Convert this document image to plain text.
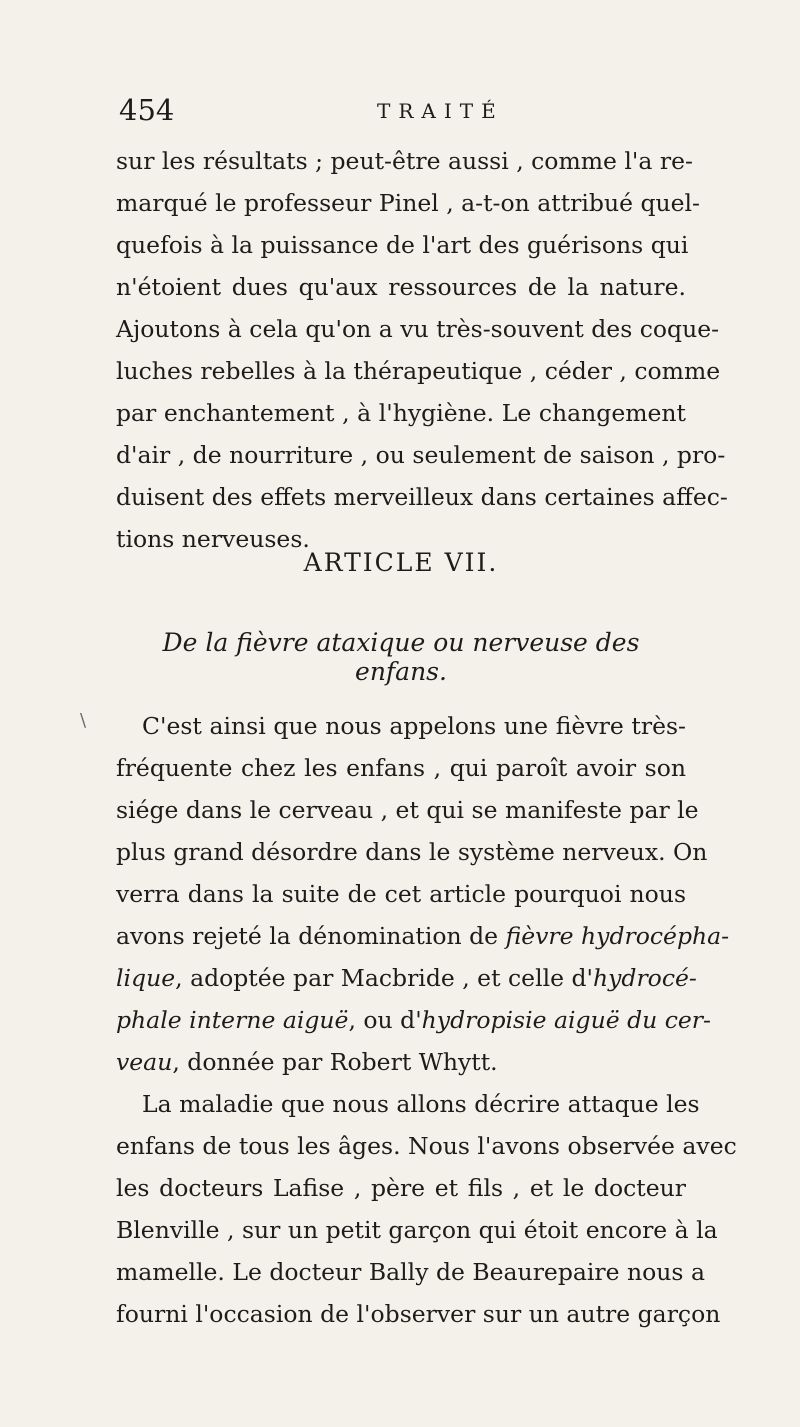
454	TRAITÉ
sur les résultats ; peut-être aussi , comme l'a re-
marqué le professeur Pinel , a-t-on attribué quel-
quefois à la puissance de l'art des guérisons qui
n'étoient dues qu'aux ressources de la nature.
Ajoutons à cela qu'on a vu très-souvent des coque-
luches rebelles à la thérapeutique , céder , comme
par enchantement , à l'hygiène. Le changement
d'air , de nourriture , ou seulement de saison , pro-
duisent des effets merveilleux dans certaines affec-
tions nerveuses.
ARTICLE VII.
De la fièvre ataxique ou nerveuse des enfans.
\	C'est ainsi que nous appelons une fièvre très-
fréquente chez les enfans , qui paroît avoir son
siége dans le cerveau , et qui se manifeste par le
plus grand désordre dans le système nerveux. On
verra dans la suite de cet article pourquoi nous
avons rejeté la dénomination de fièvre hydrocépha-
lique, adoptée par Macbride , et celle d'hydrocé-
phale interne aiguë, ou d'hydropisie aiguë du cer-
veau, donnée par Robert Whytt.
La maladie que nous allons décrire attaque les
enfans de tous les âges. Nous l'avons observée avec
les docteurs Lafise , père et fils , et le docteur
Blenville , sur un petit garçon qui étoit encore à la
mamelle. Le docteur Bally de Beaurepaire nous a
fourni l'occasion de l'observer sur un autre garçon
